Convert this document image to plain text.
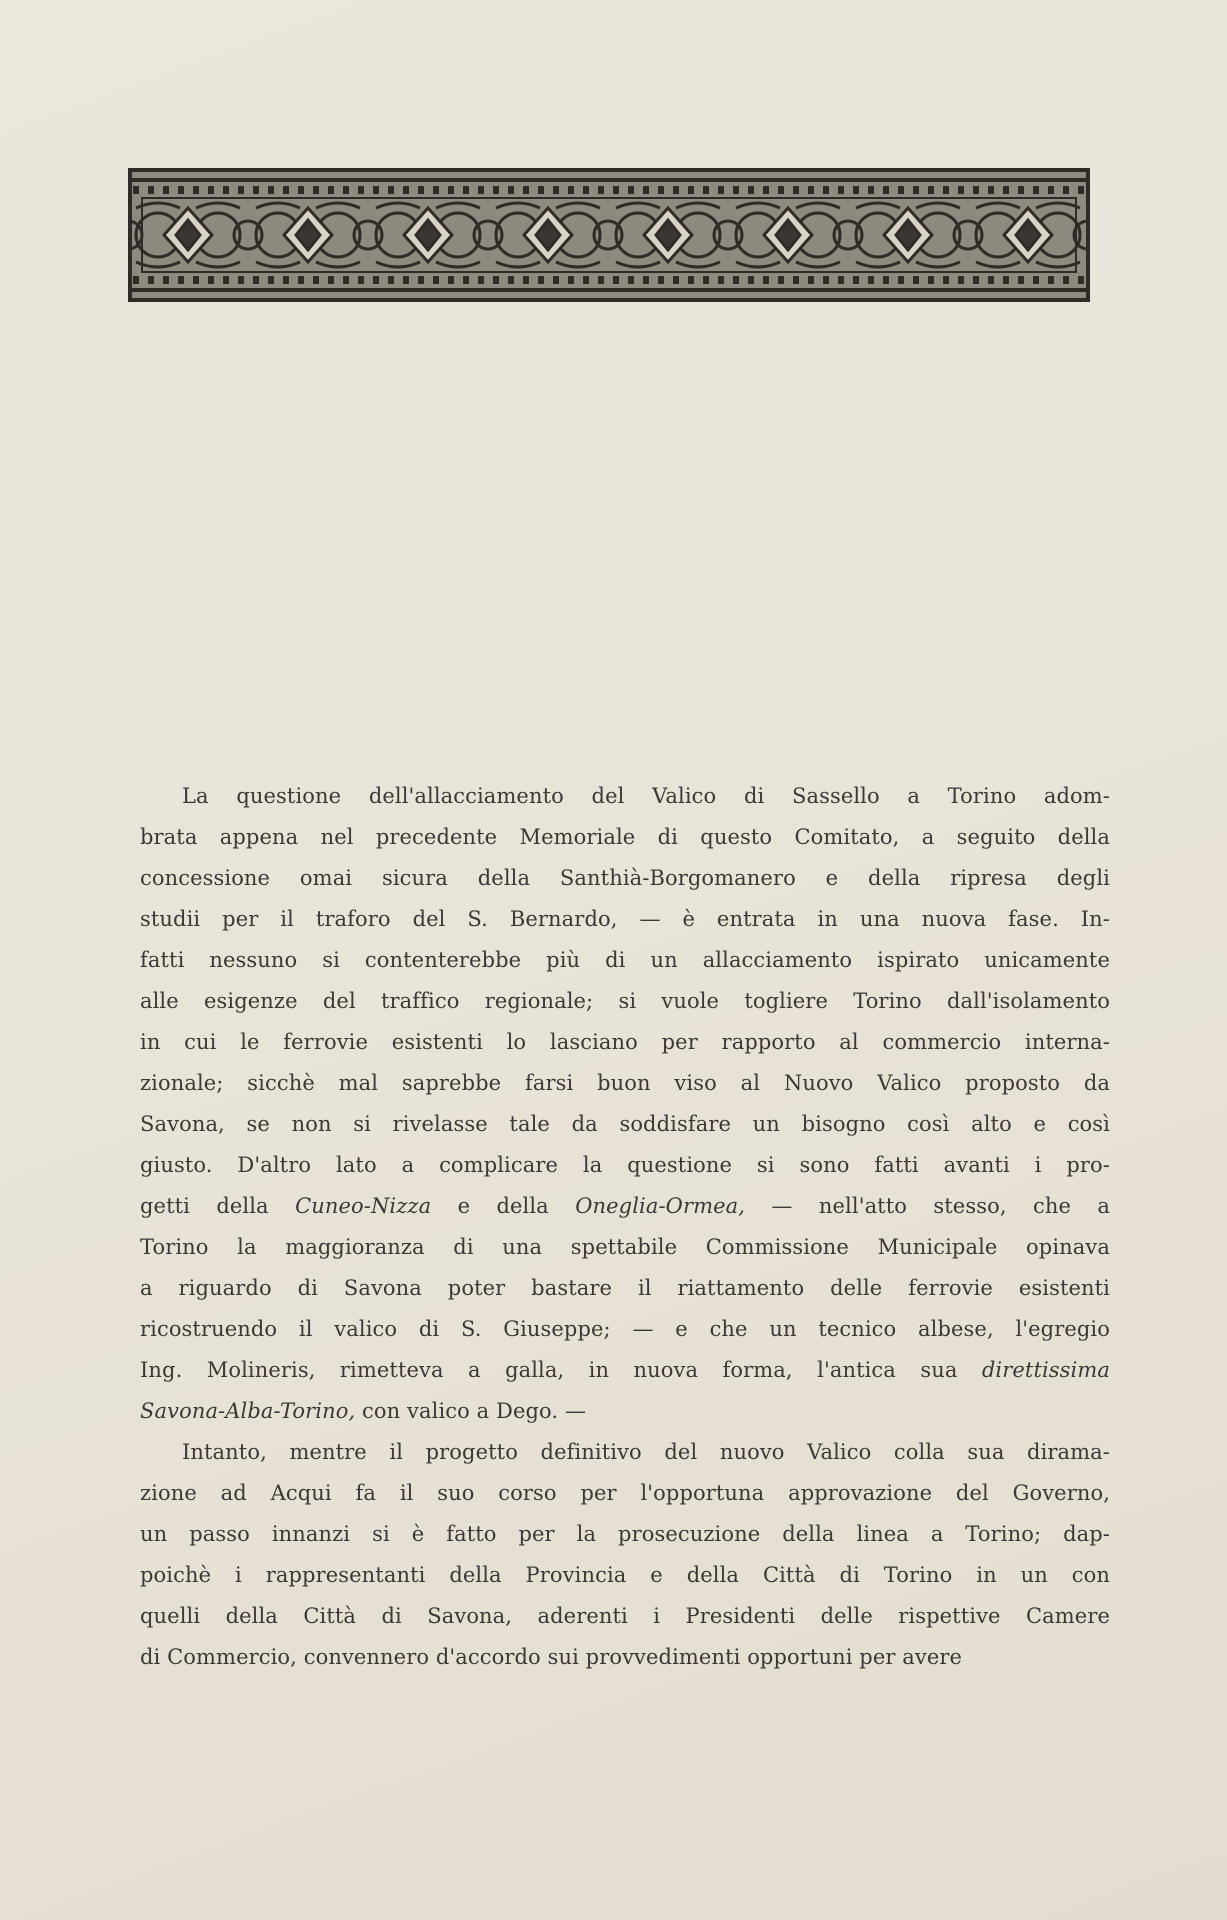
La questione dell'allacciamento del Valico di Sassello a Torino adom-
brata appena nel precedente Memoriale di questo Comitato, a seguito della
concessione omai sicura della Santhià-Borgomanero e della ripresa degli
studii per il traforo del S. Bernardo, — è entrata in una nuova fase. In-
fatti nessuno si contenterebbe più di un allacciamento ispirato unicamente
alle esigenze del traffico regionale; si vuole togliere Torino dall'isolamento
in cui le ferrovie esistenti lo lasciano per rapporto al commercio interna-
zionale; sicchè mal saprebbe farsi buon viso al Nuovo Valico proposto da
Savona, se non si rivelasse tale da soddisfare un bisogno così alto e così
giusto. D'altro lato a complicare la questione si sono fatti avanti i pro-
getti della Cuneo-Nizza e della Oneglia-Ormea, — nell'atto stesso, che a
Torino la maggioranza di una spettabile Commissione Municipale opinava
a riguardo di Savona poter bastare il riattamento delle ferrovie esistenti
ricostruendo il valico di S. Giuseppe; — e che un tecnico albese, l'egregio
Ing. Molineris, rimetteva a galla, in nuova forma, l'antica sua direttissima
Savona-Alba-Torino, con valico a Dego. —
Intanto, mentre il progetto definitivo del nuovo Valico colla sua dirama-
zione ad Acqui fa il suo corso per l'opportuna approvazione del Governo,
un passo innanzi si è fatto per la prosecuzione della linea a Torino; dap-
poichè i rappresentanti della Provincia e della Città di Torino in un con
quelli della Città di Savona, aderenti i Presidenti delle rispettive Camere
di Commercio, convennero d'accordo sui provvedimenti opportuni per avere
